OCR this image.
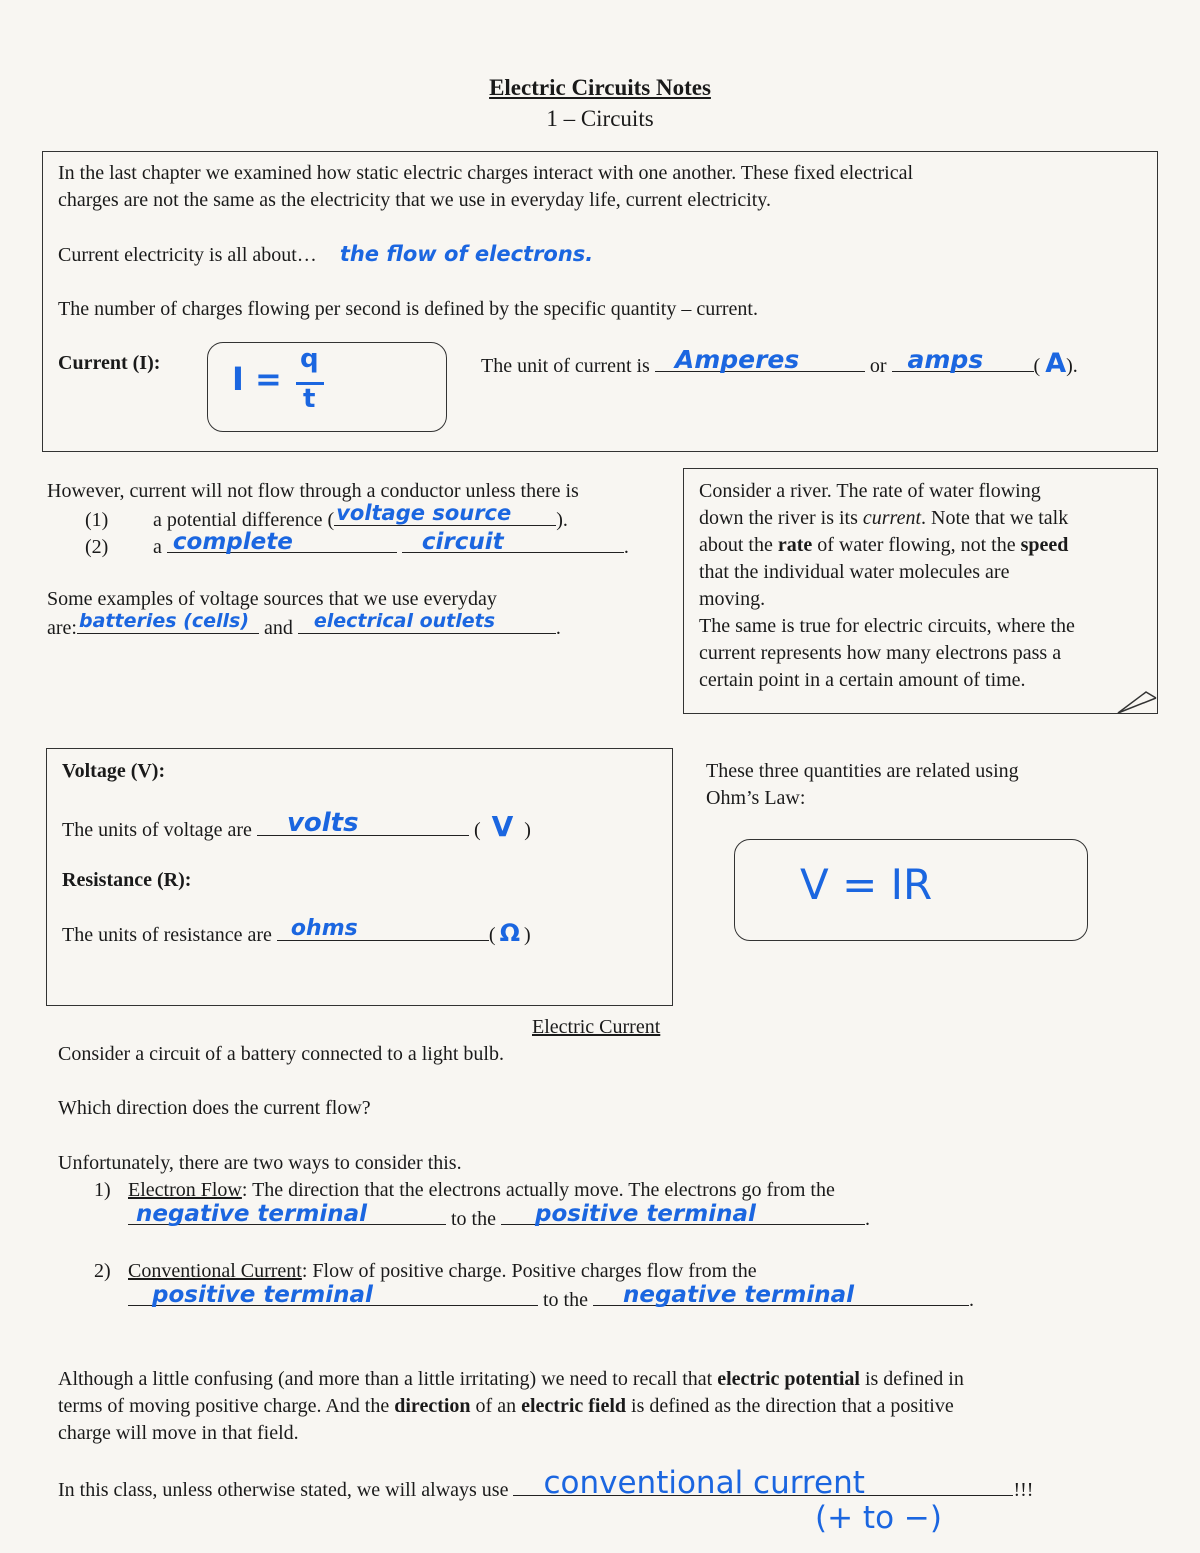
Electric Circuits Notes
1 – Circuits
In the last chapter we examined how static electric charges interact with one another. These fixed electrical
charges are not the same as the electricity that we use in everyday life, current electricity.
Current electricity is all about… the flow of electrons.
The number of charges flowing per second is defined by the specific quantity – current.
Current (I): I =
q
t
The unit of current is Amperes	or amps	( A).
However, current will not flow through a conductor unless there is
(1) a potential difference ( voltage source ).
(2) a complete
	circuit	.
Some examples of voltage sources that we use everyday
are: batteries (cells) and electrical outlets	.
Consider a river. The rate of water flowing
down the river is its current. Note that we talk
about the rate of water flowing, not the speed
that the individual water molecules are
moving.
The same is true for electric circuits, where the
current represents how many electrons pass a
certain point in a certain amount of time.
Voltage (V):
The units of voltage are volts	( V )
Resistance (R):
The units of resistance are ohms	( Ω )
These three quantities are related using
Ohm’s Law:
V = IR
Electric Current
Consider a circuit of a battery connected to a light bulb.
Which direction does the current flow?
Unfortunately, there are two ways to consider this.
1) Electron Flow: The direction that the electrons actually move. The electrons go from the
negative terminal	to the positive terminal	.
2) Conventional Current: Flow of positive charge. Positive charges flow from the
positive terminal	to the negative terminal	.
Although a little confusing (and more than a little irritating) we need to recall that electric potential is defined in
terms of moving positive charge. And the direction of an electric field is defined as the direction that a positive
charge will move in that field.
In this class, unless otherwise stated, we will always use conventional current	!!!
(+ to −)
